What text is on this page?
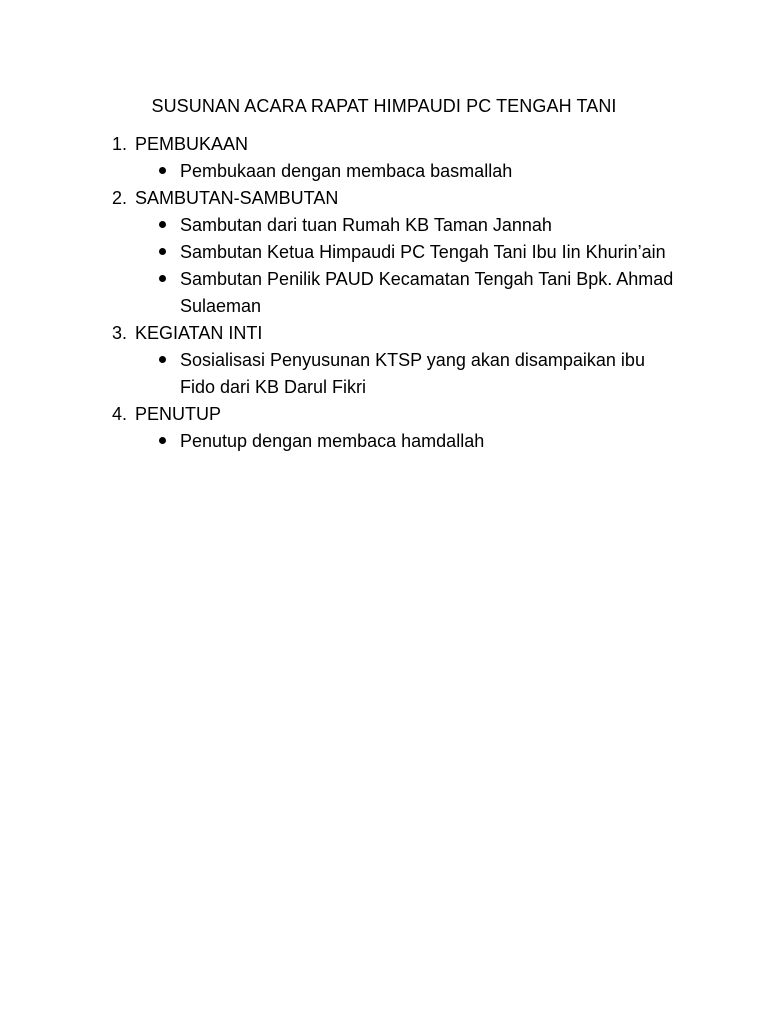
SUSUNAN ACARA RAPAT HIMPAUDI PC TENGAH TANI
1. PEMBUKAAN
Pembukaan dengan membaca basmallah
2. SAMBUTAN-SAMBUTAN
Sambutan dari tuan Rumah KB Taman Jannah
Sambutan Ketua Himpaudi PC Tengah Tani Ibu Iin Khurin’ain
Sambutan Penilik PAUD Kecamatan Tengah Tani Bpk. Ahmad Sulaeman
3. KEGIATAN INTI
Sosialisasi Penyusunan KTSP yang akan disampaikan ibu Fido dari KB Darul Fikri
4. PENUTUP
Penutup dengan membaca hamdallah
